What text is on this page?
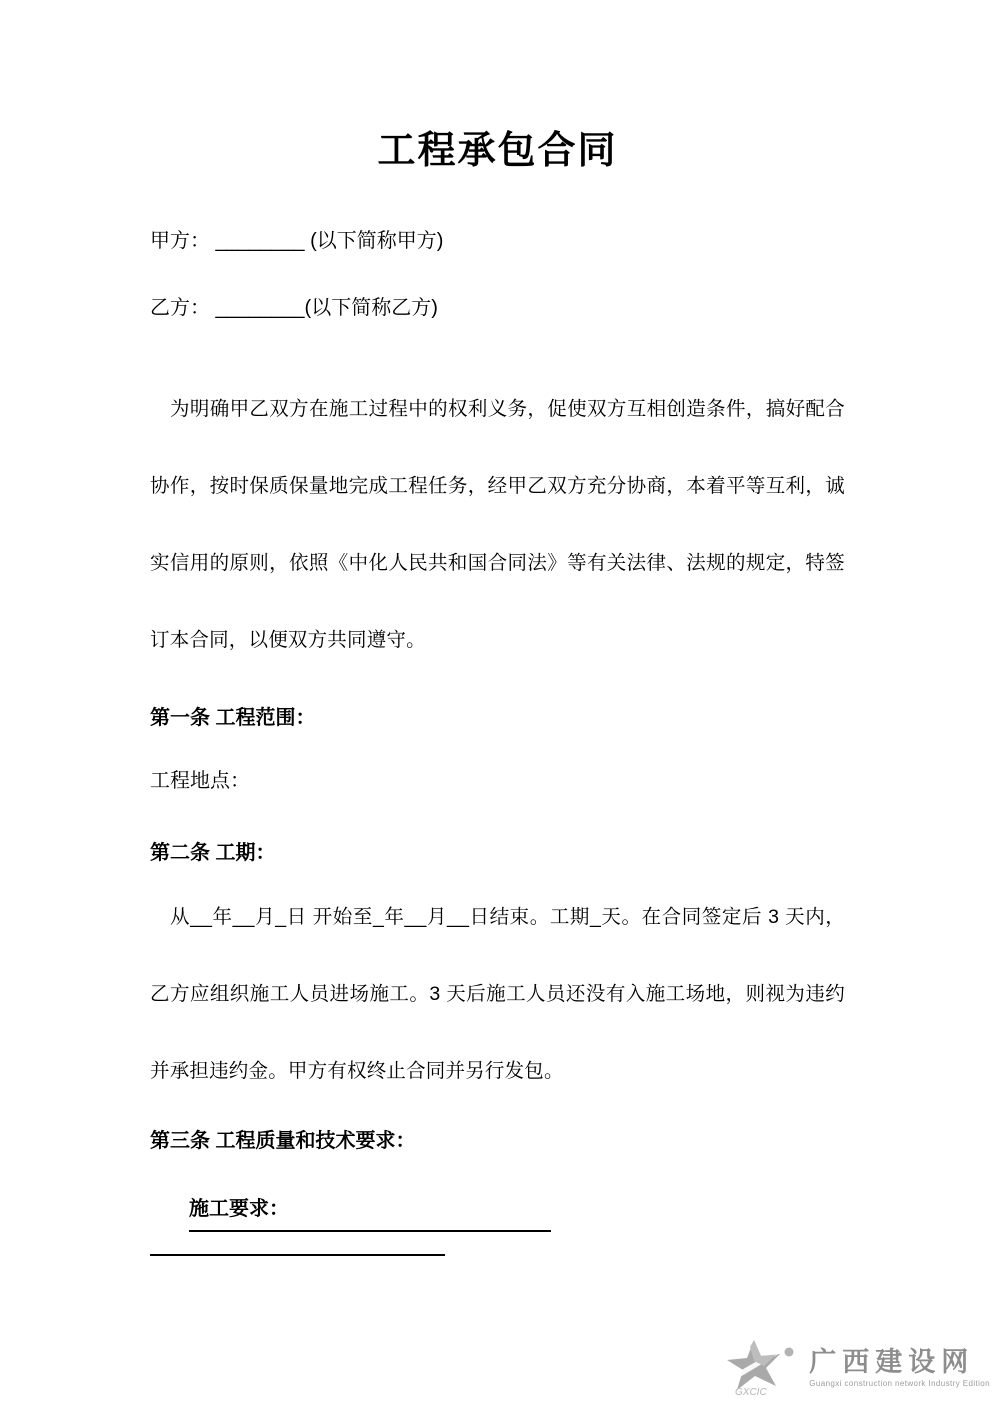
工程承包合同

甲方： ________ (以下简称甲方)

乙方： ________(以下简称乙方)

为明确甲乙双方在施工过程中的权利义务，促使双方互相创造条件，搞好配合协作，按时保质保量地完成工程任务，经甲乙双方充分协商，本着平等互利，诚实信用的原则，依照《中化人民共和国合同法》等有关法律、法规的规定，特签订本合同，以便双方共同遵守。

第一条 工程范围：

工程地点：

第二条 工期：

从__年__月_日 开始至_年__月__日结束。工期_天。在合同签定后 3 天内，乙方应组织施工人员进场施工。3 天后施工人员还没有入施工场地，则视为违约并承担违约金。甲方有权终止合同并另行发包。

第三条 工程质量和技术要求：
施工要求：
GXCIC
广西建设网
Guangxi construction network Industry Edition
